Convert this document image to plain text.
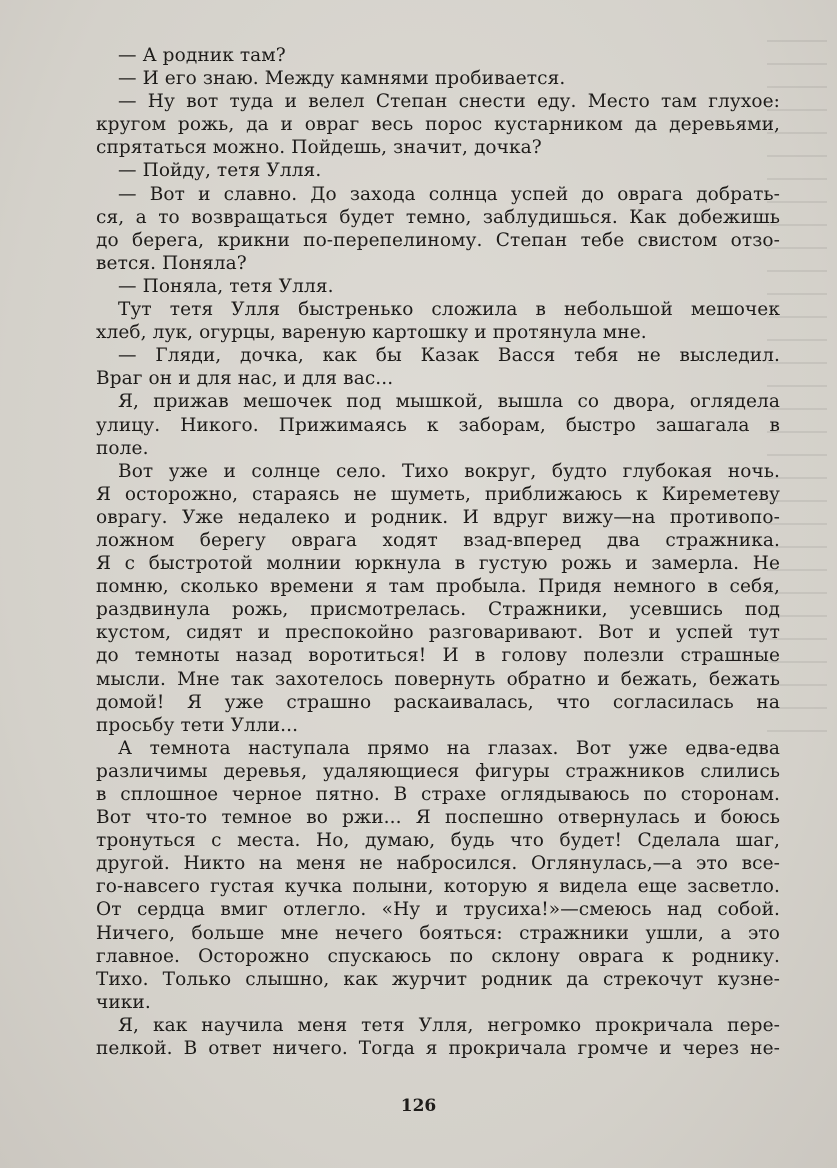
— А родник там?
— И его знаю. Между камнями пробивается.
— Ну вот туда и велел Степан снести еду. Место там глухое:
кругом рожь, да и овраг весь порос кустарником да деревьями,
спрятаться можно. Пойдешь, значит, дочка?
— Пойду, тетя Улля.
— Вот и славно. До захода солнца успей до оврага добрать-
ся, а то возвращаться будет темно, заблудишься. Как добежишь
до берега, крикни по-перепелиному. Степан тебе свистом отзо-
вется. Поняла?
— Поняла, тетя Улля.
Тут тетя Улля быстренько сложила в небольшой мешочек
хлеб, лук, огурцы, вареную картошку и протянула мне.
— Гляди, дочка, как бы Казак Васся тебя не выследил.
Враг он и для нас, и для вас...
Я, прижав мешочек под мышкой, вышла со двора, оглядела
улицу. Никого. Прижимаясь к заборам, быстро зашагала в
поле.
Вот уже и солнце село. Тихо вокруг, будто глубокая ночь.
Я осторожно, стараясь не шуметь, приближаюсь к Киреметеву
оврагу. Уже недалеко и родник. И вдруг вижу—на противопо-
ложном берегу оврага ходят взад-вперед два стражника.
Я с быстротой молнии юркнула в густую рожь и замерла. Не
помню, сколько времени я там пробыла. Придя немного в себя,
раздвинула рожь, присмотрелась. Стражники, усевшись под
кустом, сидят и преспокойно разговаривают. Вот и успей тут
до темноты назад воротиться! И в голову полезли страшные
мысли. Мне так захотелось повернуть обратно и бежать, бежать
домой! Я уже страшно раскаивалась, что согласилась на
просьбу тети Улли...
А темнота наступала прямо на глазах. Вот уже едва-едва
различимы деревья, удаляющиеся фигуры стражников слились
в сплошное черное пятно. В страхе оглядываюсь по сторонам.
Вот что-то темное во ржи... Я поспешно отвернулась и боюсь
тронуться с места. Но, думаю, будь что будет! Сделала шаг,
другой. Никто на меня не набросился. Оглянулась,—а это все-
го-навсего густая кучка полыни, которую я видела еще засветло.
От сердца вмиг отлегло. «Ну и трусиха!»—смеюсь над собой.
Ничего, больше мне нечего бояться: стражники ушли, а это
главное. Осторожно спускаюсь по склону оврага к роднику.
Тихо. Только слышно, как журчит родник да стрекочут кузне-
чики.
Я, как научила меня тетя Улля, негромко прокричала пере-
пелкой. В ответ ничего. Тогда я прокричала громче и через не-
126
